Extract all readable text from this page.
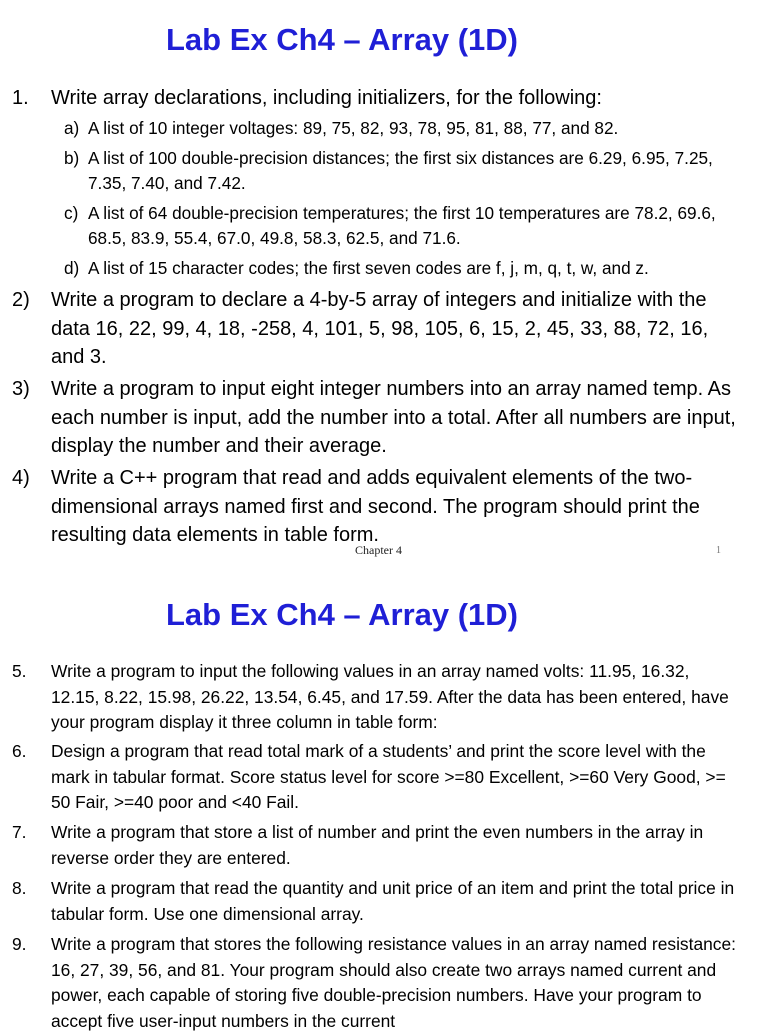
Lab Ex Ch4 – Array (1D)
1. Write array declarations, including initializers, for the following:
a) A list of 10 integer voltages: 89, 75, 82, 93, 78, 95, 81, 88, 77, and 82.
b) A list of 100 double-precision distances; the first six distances are 6.29, 6.95, 7.25, 7.35, 7.40, and 7.42.
c) A list of 64 double-precision temperatures; the first 10 temperatures are 78.2, 69.6, 68.5, 83.9, 55.4, 67.0, 49.8, 58.3, 62.5, and 71.6.
d) A list of 15 character codes; the first seven codes are f, j, m, q, t, w, and z.
2) Write a program to declare a 4-by-5 array of integers and initialize with the data 16, 22, 99, 4, 18, -258, 4, 101, 5, 98, 105, 6, 15, 2, 45, 33, 88, 72, 16, and 3.
3) Write a program to input eight integer numbers into an array named temp. As each number is input, add the number into a total. After all numbers are input, display the number and their average.
4) Write a C++ program that read and adds equivalent elements of the two-dimensional arrays named first and second. The program should print the resulting data elements in table form.
Chapter 4	1
Lab Ex Ch4 – Array (1D)
5. Write a program to input the following values in an array named volts: 11.95, 16.32, 12.15, 8.22, 15.98, 26.22, 13.54, 6.45, and 17.59. After the data has been entered, have your program display it three column in table form:
6. Design a program that read total mark of a students’ and print the score level with the mark in tabular format. Score status level for score >=80 Excellent, >=60 Very Good, >= 50 Fair, >=40 poor and <40 Fail.
7. Write a program that store a list of number and print the even numbers in the array in reverse order they are entered.
8. Write a program that read the quantity and unit price of an item and print the total price in tabular form. Use one dimensional array.
9. Write a program that stores the following resistance values in an array named resistance: 16, 27, 39, 56, and 81. Your program should also create two arrays named current and power, each capable of storing five double-precision numbers. Have your program to accept five user-input numbers in the current
